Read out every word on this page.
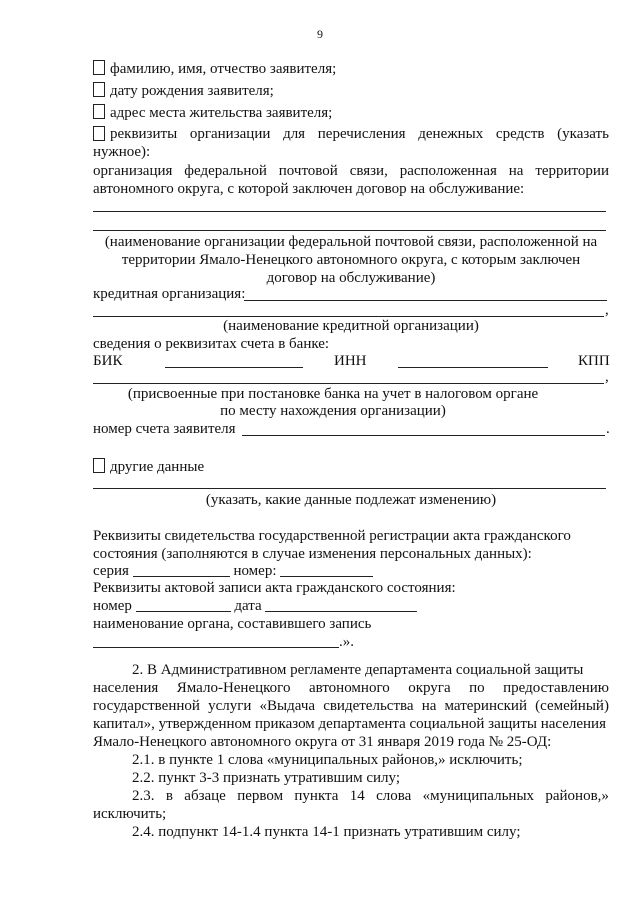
9
фамилию, имя, отчество заявителя;
дату рождения заявителя;
адрес места жительства заявителя;
реквизиты организации для перечисления денежных средств (указать
нужное):
организация федеральной почтовой связи, расположенная на территории
автономного округа, с которой заключен договор на обслуживание:
(наименование организации федеральной почтовой связи, расположенной на
территории Ямало-Ненецкого автономного округа, с которым заключен
договор на обслуживание)
кредитная организация:
,
(наименование кредитной организации)
сведения о реквизитах счета в банке:
БИК	ИНН	КПП
,
(присвоенные при постановке банка на учет в налоговом органе
по месту нахождения организации)
номер счета заявителя	.
другие данные
(указать, какие данные подлежат изменению)
Реквизиты свидетельства государственной регистрации акта гражданского
состояния (заполняются в случае изменения персональных данных):
серия	номер:
Реквизиты актовой записи акта гражданского состояния:
номер	дата
наименование органа, составившего запись
.».
2. В Административном регламенте департамента социальной защиты
населения Ямало-Ненецкого автономного округа по предоставлению
государственной услуги «Выдача свидетельства на материнский (семейный)
капитал», утвержденном приказом департамента социальной защиты населения
Ямало-Ненецкого автономного округа от 31 января 2019 года № 25-ОД:
2.1. в пункте 1 слова «муниципальных районов,» исключить;
2.2. пункт 3-3 признать утратившим силу;
2.3. в абзаце первом пункта 14 слова «муниципальных районов,»
исключить;
2.4. подпункт 14-1.4 пункта 14-1 признать утратившим силу;
